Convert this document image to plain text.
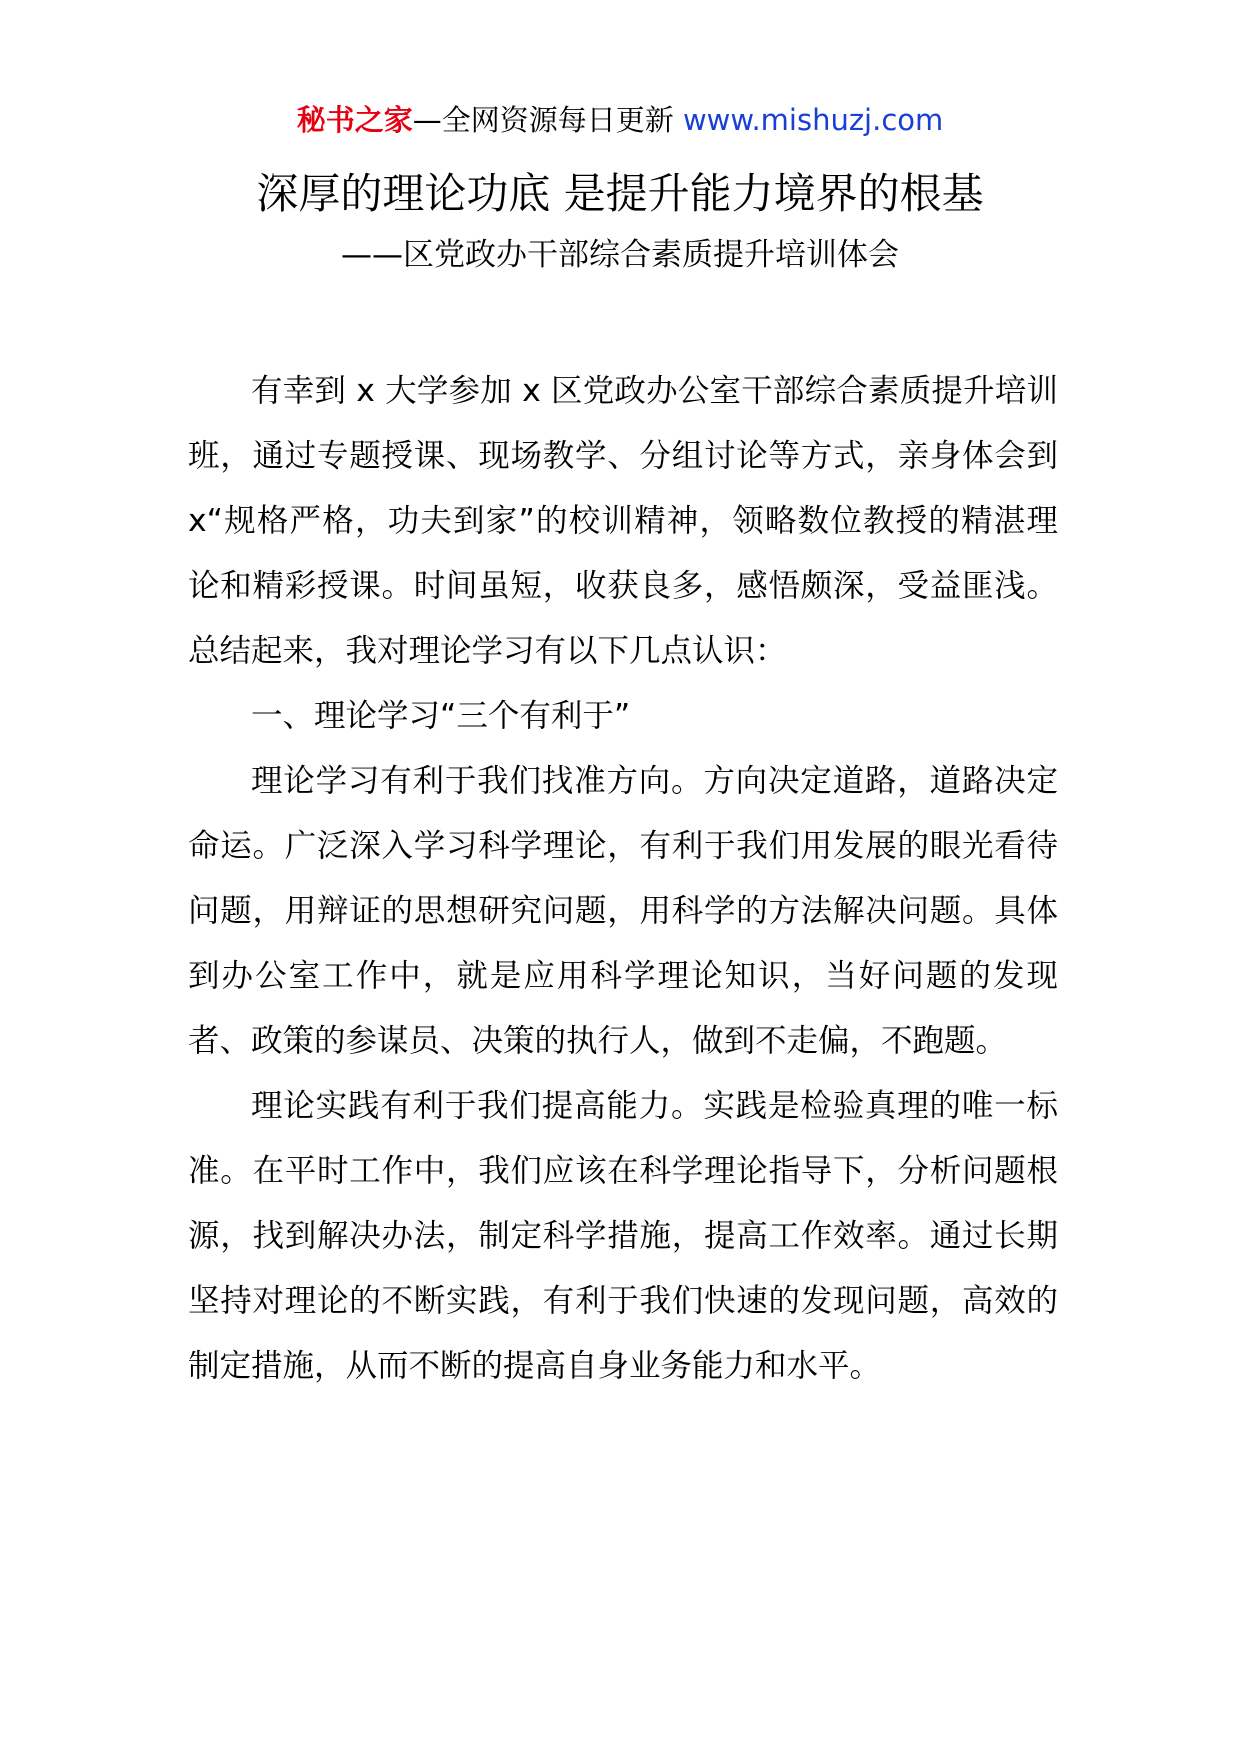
秘书之家—全网资源每日更新 www.mishuzj.com
深厚的理论功底 是提升能力境界的根基
——区党政办干部综合素质提升培训体会

有幸到 x 大学参加 x 区党政办公室干部综合素质提升培训班，通过专题授课、现场教学、分组讨论等方式，亲身体会到 x“规格严格，功夫到家”的校训精神，领略数位教授的精湛理论和精彩授课。时间虽短，收获良多，感悟颇深，受益匪浅。总结起来，我对理论学习有以下几点认识：

一、理论学习“三个有利于”

理论学习有利于我们找准方向。方向决定道路，道路决定命运。广泛深入学习科学理论，有利于我们用发展的眼光看待问题，用辩证的思想研究问题，用科学的方法解决问题。具体到办公室工作中，就是应用科学理论知识，当好问题的发现者、政策的参谋员、决策的执行人，做到不走偏，不跑题。

理论实践有利于我们提高能力。实践是检验真理的唯一标准。在平时工作中，我们应该在科学理论指导下，分析问题根源，找到解决办法，制定科学措施，提高工作效率。通过长期坚持对理论的不断实践，有利于我们快速的发现问题，高效的制定措施，从而不断的提高自身业务能力和水平。
